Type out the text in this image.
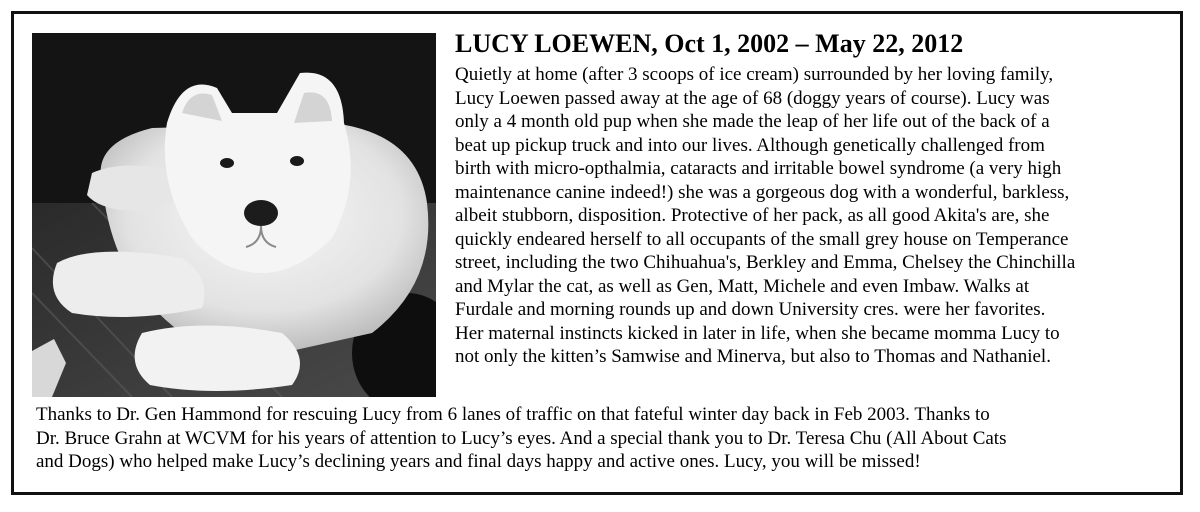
LUCY LOEWEN, Oct 1, 2002 – May 22, 2012

Quietly at home (after 3 scoops of ice cream) surrounded by her loving family,
Lucy Loewen passed away at the age of 68 (doggy years of course). Lucy was
only a 4 month old pup when she made the leap of her life out of the back of a
beat up pickup truck and into our lives. Although genetically challenged from
birth with micro-opthalmia, cataracts and irritable bowel syndrome (a very high
maintenance canine indeed!) she was a gorgeous dog with a wonderful, barkless,
albeit stubborn, disposition. Protective of her pack, as all good Akita's are, she
quickly endeared herself to all occupants of the small grey house on Temperance
street, including the two Chihuahua's, Berkley and Emma, Chelsey the Chinchilla
and Mylar the cat, as well as Gen, Matt, Michele and even Imbaw. Walks at
Furdale and morning rounds up and down University cres. were her favorites.
Her maternal instincts kicked in later in life, when she became momma Lucy to
not only the kitten’s Samwise and Minerva, but also to Thomas and Nathaniel.

Thanks to Dr. Gen Hammond for rescuing Lucy from 6 lanes of traffic on that fateful winter day back in Feb 2003. Thanks to
Dr. Bruce Grahn at WCVM for his years of attention to Lucy’s eyes. And a special thank you to Dr. Teresa Chu (All About Cats
and Dogs) who helped make Lucy’s declining years and final days happy and active ones. Lucy, you will be missed!
